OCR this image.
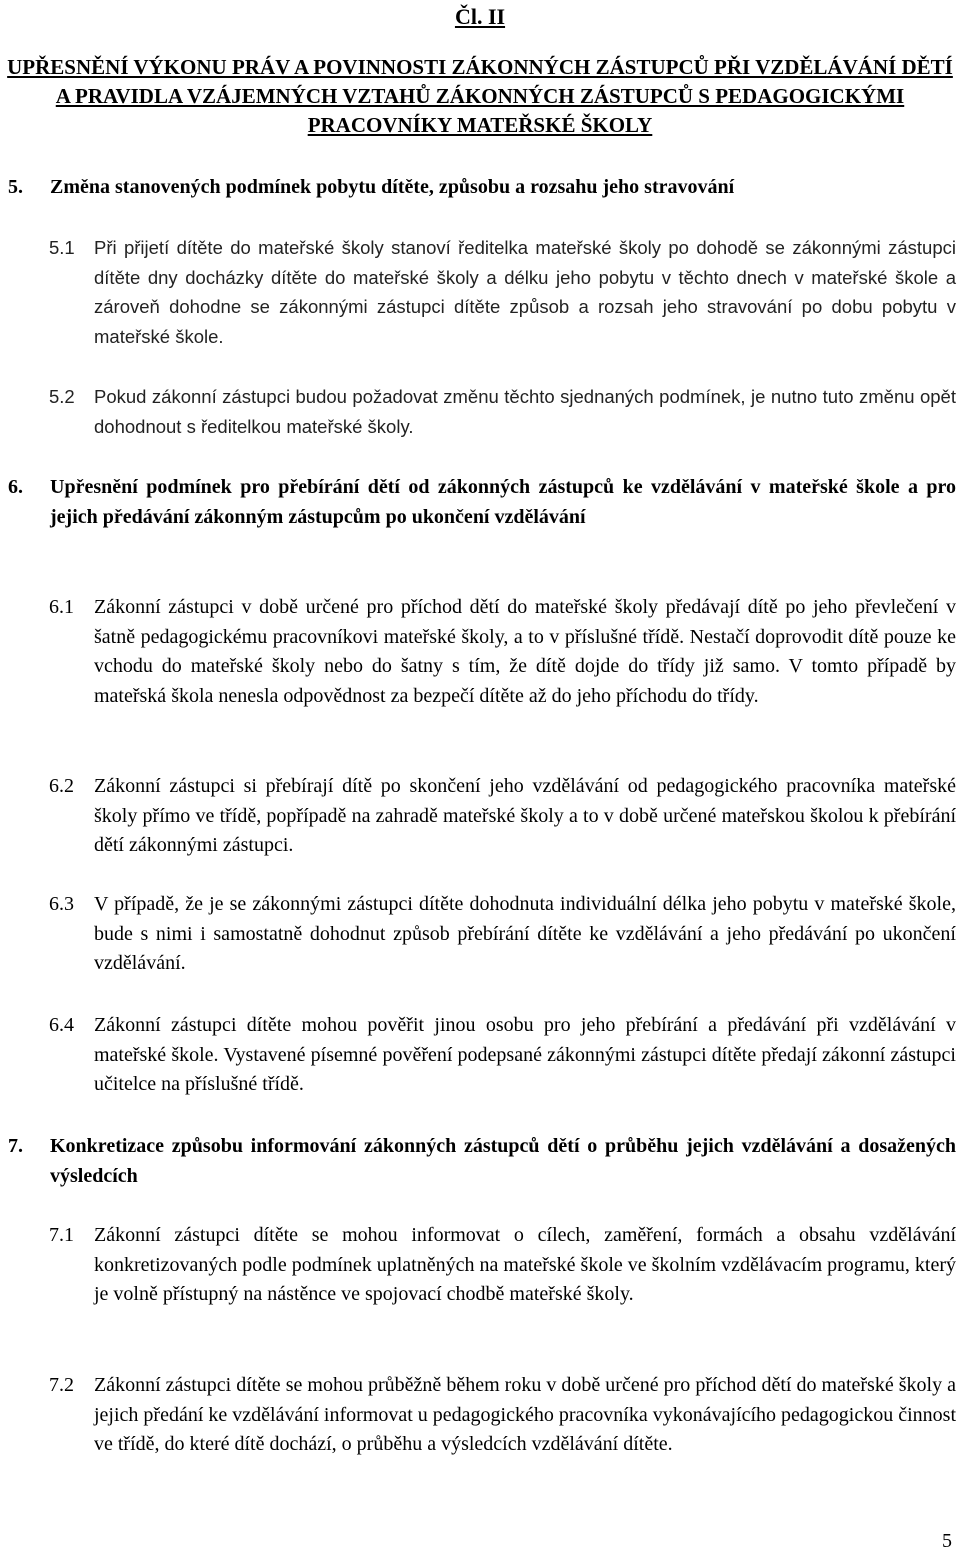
Čl. II
UPŘESNĚNÍ VÝKONU PRÁV A POVINNOSTI ZÁKONNÝCH ZÁSTUPCŮ PŘI VZDĚLÁVÁNÍ DĚTÍ A PRAVIDLA VZÁJEMNÝCH VZTAHŮ ZÁKONNÝCH ZÁSTUPCŮ S PEDAGOGICKÝMI PRACOVNÍKY MATEŘSKÉ ŠKOLY
5. Změna stanovených podmínek pobytu dítěte, způsobu a rozsahu jeho stravování
5.1 Při přijetí dítěte do mateřské školy stanoví ředitelka mateřské školy po dohodě se zákonnými zástupci dítěte dny docházky dítěte do mateřské školy a délku jeho pobytu v těchto dnech v mateřské škole a zároveň dohodne se zákonnými zástupci dítěte způsob a rozsah jeho stravování po dobu pobytu v mateřské škole.
5.2 Pokud zákonní zástupci budou požadovat změnu těchto sjednaných podmínek, je nutno tuto změnu opět dohodnout s ředitelkou mateřské školy.
6. Upřesnění podmínek pro přebírání dětí od zákonných zástupců ke vzdělávání v mateřské škole a pro jejich předávání zákonným zástupcům po ukončení vzdělávání
6.1 Zákonní zástupci v době určené pro příchod dětí do mateřské školy předávají dítě po jeho převlečení v šatně pedagogickému pracovníkovi mateřské školy, a to v příslušné třídě. Nestačí doprovodit dítě pouze ke vchodu do mateřské školy nebo do šatny s tím, že dítě dojde do třídy již samo. V tomto případě by mateřská škola nenesla odpovědnost za bezpečí dítěte až do jeho příchodu do třídy.
6.2 Zákonní zástupci si přebírají dítě po skončení jeho vzdělávání od pedagogického pracovníka mateřské školy přímo ve třídě, popřípadě na zahradě mateřské školy a to v době určené mateřskou školou k přebírání dětí zákonnými zástupci.
6.3 V případě, že je se zákonnými zástupci dítěte dohodnuta individuální délka jeho pobytu v mateřské škole, bude s nimi i samostatně dohodnut způsob přebírání dítěte ke vzdělávání a jeho předávání po ukončení vzdělávání.
6.4 Zákonní zástupci dítěte mohou pověřit jinou osobu pro jeho přebírání a předávání při vzdělávání v mateřské škole. Vystavené písemné pověření podepsané zákonnými zástupci dítěte předají zákonní zástupci učitelce na příslušné třídě.
7. Konkretizace způsobu informování zákonných zástupců dětí o průběhu jejich vzdělávání a dosažených výsledcích
7.1 Zákonní zástupci dítěte se mohou informovat o cílech, zaměření, formách a obsahu vzdělávání konkretizovaných podle podmínek uplatněných na mateřské škole ve školním vzdělávacím programu, který je volně přístupný na nástěnce ve spojovací chodbě mateřské školy.
7.2 Zákonní zástupci dítěte se mohou průběžně během roku v době určené pro příchod dětí do mateřské školy a jejich předání ke vzdělávání informovat u pedagogického pracovníka vykonávajícího pedagogickou činnost ve třídě, do které dítě dochází, o průběhu a výsledcích vzdělávání dítěte.
5
